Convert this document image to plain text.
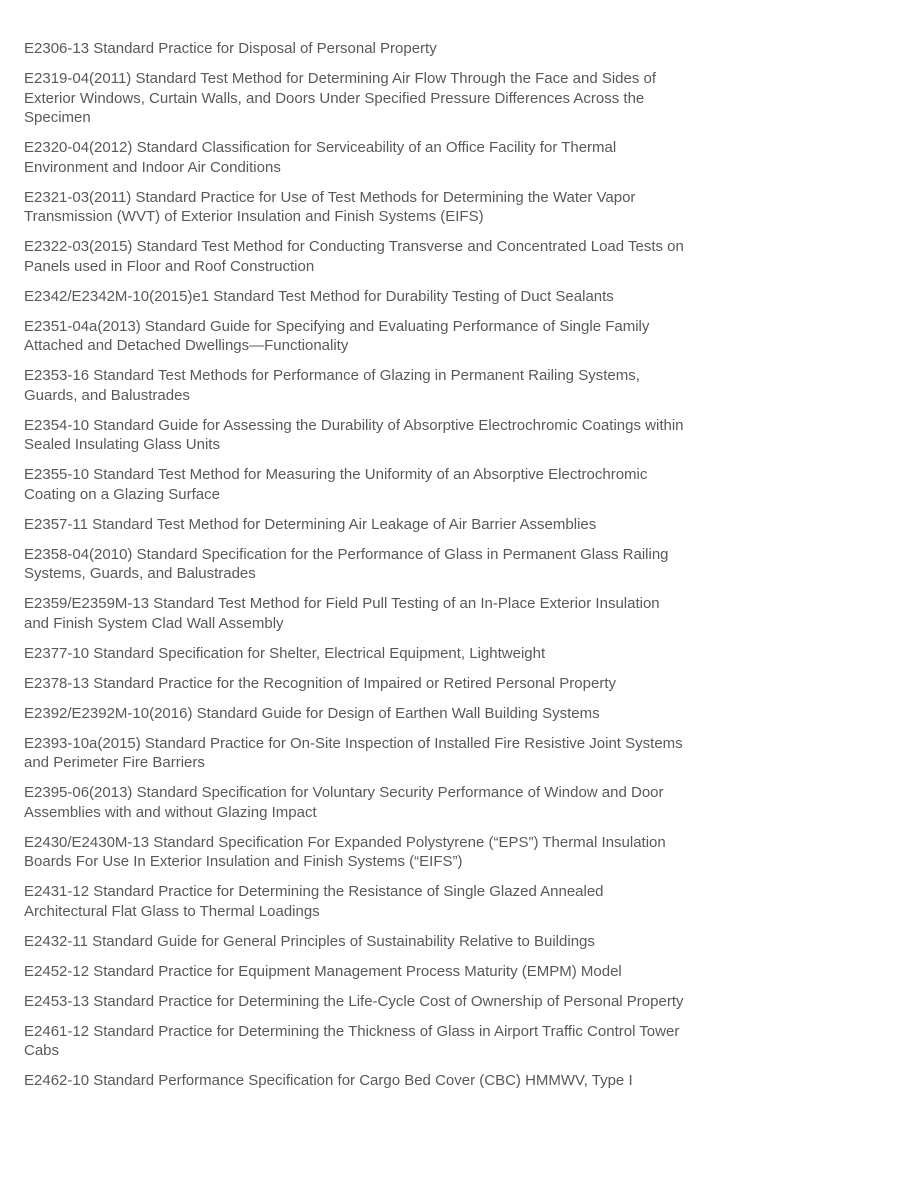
E2306-13 Standard Practice for Disposal of Personal Property

E2319-04(2011) Standard Test Method for Determining Air Flow Through the Face and Sides of Exterior Windows, Curtain Walls, and Doors Under Specified Pressure Differences Across the Specimen

E2320-04(2012) Standard Classification for Serviceability of an Office Facility for Thermal Environment and Indoor Air Conditions

E2321-03(2011) Standard Practice for Use of Test Methods for Determining the Water Vapor Transmission (WVT) of Exterior Insulation and Finish Systems (EIFS)

E2322-03(2015) Standard Test Method for Conducting Transverse and Concentrated Load Tests on Panels used in Floor and Roof Construction

E2342/E2342M-10(2015)e1 Standard Test Method for Durability Testing of Duct Sealants

E2351-04a(2013) Standard Guide for Specifying and Evaluating Performance of Single Family Attached and Detached Dwellings—Functionality

E2353-16 Standard Test Methods for Performance of Glazing in Permanent Railing Systems, Guards, and Balustrades

E2354-10 Standard Guide for Assessing the Durability of Absorptive Electrochromic Coatings within Sealed Insulating Glass Units

E2355-10 Standard Test Method for Measuring the Uniformity of an Absorptive Electrochromic Coating on a Glazing Surface

E2357-11 Standard Test Method for Determining Air Leakage of Air Barrier Assemblies

E2358-04(2010) Standard Specification for the Performance of Glass in Permanent Glass Railing Systems, Guards, and Balustrades

E2359/E2359M-13 Standard Test Method for Field Pull Testing of an In-Place Exterior Insulation and Finish System Clad Wall Assembly

E2377-10 Standard Specification for Shelter, Electrical Equipment, Lightweight

E2378-13 Standard Practice for the Recognition of Impaired or Retired Personal Property

E2392/E2392M-10(2016) Standard Guide for Design of Earthen Wall Building Systems

E2393-10a(2015) Standard Practice for On-Site Inspection of Installed Fire Resistive Joint Systems and Perimeter Fire Barriers

E2395-06(2013) Standard Specification for Voluntary Security Performance of Window and Door Assemblies with and without Glazing Impact

E2430/E2430M-13 Standard Specification For Expanded Polystyrene (“EPS”) Thermal Insulation Boards For Use In Exterior Insulation and Finish Systems (“EIFS”)

E2431-12 Standard Practice for Determining the Resistance of Single Glazed Annealed Architectural Flat Glass to Thermal Loadings

E2432-11 Standard Guide for General Principles of Sustainability Relative to Buildings

E2452-12 Standard Practice for Equipment Management Process Maturity (EMPM) Model

E2453-13 Standard Practice for Determining the Life-Cycle Cost of Ownership of Personal Property

E2461-12 Standard Practice for Determining the Thickness of Glass in Airport Traffic Control Tower Cabs

E2462-10 Standard Performance Specification for Cargo Bed Cover (CBC) HMMWV, Type I
